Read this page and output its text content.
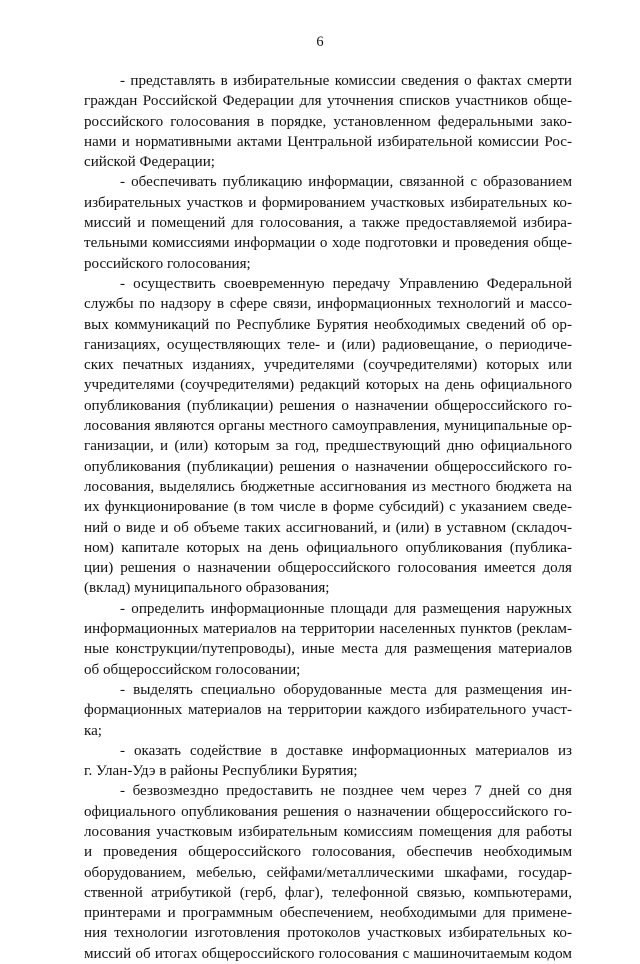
6
- представлять в избирательные комиссии сведения о фактах смерти
граждан Российской Федерации для уточнения списков участников обще-
российского голосования в порядке, установленном федеральными зако-
нами и нормативными актами Центральной избирательной комиссии Рос-
сийской Федерации;
- обеспечивать публикацию информации, связанной с образованием
избирательных участков и формированием участковых избирательных ко-
миссий и помещений для голосования, а также предоставляемой избира-
тельными комиссиями информации о ходе подготовки и проведения обще-
российского голосования;
- осуществить своевременную передачу Управлению Федеральной
службы по надзору в сфере связи, информационных технологий и массо-
вых коммуникаций по Республике Бурятия необходимых сведений об ор-
ганизациях, осуществляющих теле- и (или) радиовещание, о периодиче-
ских печатных изданиях, учредителями (соучредителями) которых или
учредителями (соучредителями) редакций которых на день официального
опубликования (публикации) решения о назначении общероссийского го-
лосования являются органы местного самоуправления, муниципальные ор-
ганизации, и (или) которым за год, предшествующий дню официального
опубликования (публикации) решения о назначении общероссийского го-
лосования, выделялись бюджетные ассигнования из местного бюджета на
их функционирование (в том числе в форме субсидий) с указанием сведе-
ний о виде и об объеме таких ассигнований, и (или) в уставном (складоч-
ном) капитале которых на день официального опубликования (публика-
ции) решения о назначении общероссийского голосования имеется доля
(вклад) муниципального образования;
- определить информационные площади для размещения наружных
информационных материалов на территории населенных пунктов (реклам-
ные конструкции/путепроводы), иные места для размещения материалов
об общероссийском голосовании;
- выделять специально оборудованные места для размещения ин-
формационных материалов на территории каждого избирательного участ-
ка;
- оказать содействие в доставке информационных материалов из
г. Улан-Удэ в районы Республики Бурятия;
- безвозмездно предоставить не позднее чем через 7 дней со дня
официального опубликования решения о назначении общероссийского го-
лосования участковым избирательным комиссиям помещения для работы
и проведения общероссийского голосования, обеспечив необходимым
оборудованием, мебелью, сейфами/металлическими шкафами, государ-
ственной атрибутикой (герб, флаг), телефонной связью, компьютерами,
принтерами и программным обеспечением, необходимыми для примене-
ния технологии изготовления протоколов участковых избирательных ко-
миссий об итогах общероссийского голосования с машиночитаемым кодом
